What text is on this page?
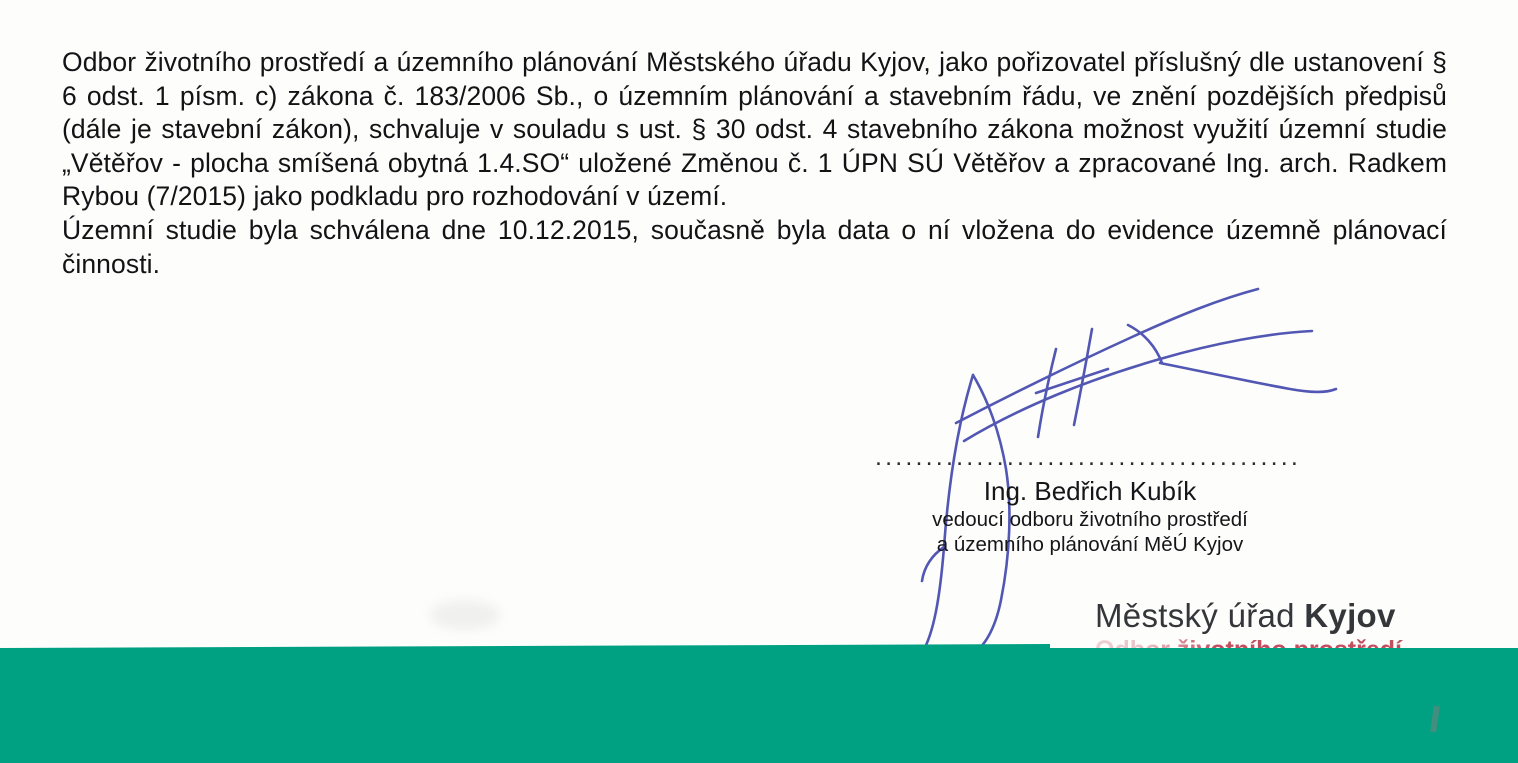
Odbor životního prostředí a územního plánování Městského úřadu Kyjov, jako pořizovatel příslušný dle ustanovení § 6 odst. 1 písm. c) zákona č. 183/2006 Sb., o územním plánování a stavebním řádu, ve znění pozdějších předpisů (dále je stavební zákon), schvaluje v souladu s ust. § 30 odst. 4 stavebního zákona možnost využití územní studie „Větěřov - plocha smíšená obytná 1.4.SO“ uložené Změnou č. 1 ÚPN SÚ Větěřov a zpracované Ing. arch. Radkem Rybou (7/2015) jako podkladu pro rozhodování v území.

Územní studie byla schválena dne 10.12.2015, současně byla data o ní vložena do evidence územně plánovací činnosti.

..........................................
Ing. Bedřich Kubík
vedoucí odboru životního prostředí
a územního plánování MěÚ Kyjov
Městský úřad Kyjov
